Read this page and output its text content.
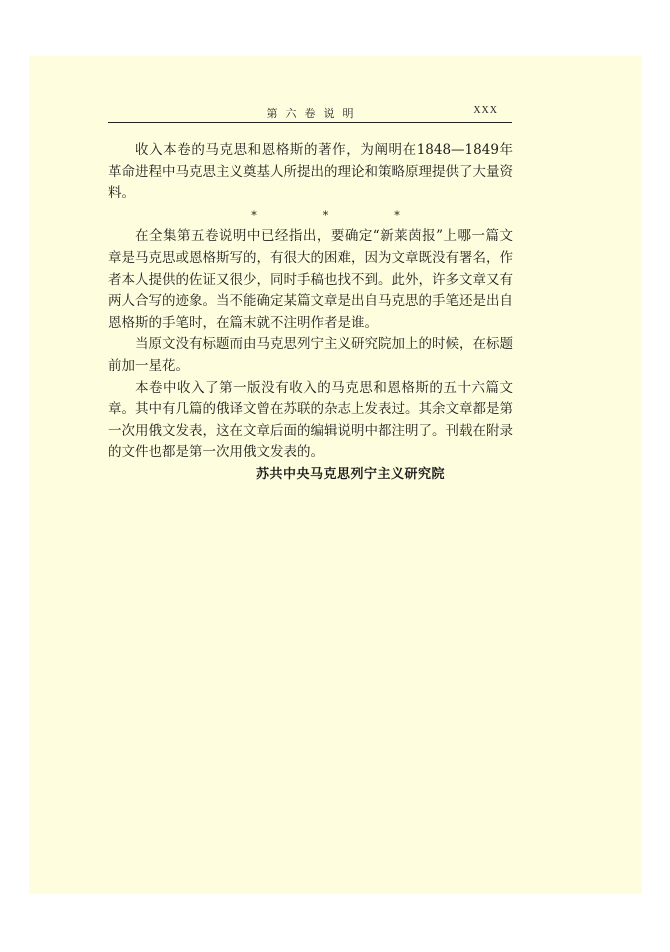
第六卷说明	XXX

收入本卷的马克思和恩格斯的著作，为阐明在1848—1849年革命进程中马克思主义奠基人所提出的理论和策略原理提供了大量资料。

*	*	*

在全集第五卷说明中已经指出，要确定“新莱茵报”上哪一篇文章是马克思或恩格斯写的，有很大的困难，因为文章既没有署名，作者本人提供的佐证又很少，同时手稿也找不到。此外，许多文章又有两人合写的迹象。当不能确定某篇文章是出自马克思的手笔还是出自恩格斯的手笔时，在篇末就不注明作者是谁。

当原文没有标题而由马克思列宁主义研究院加上的时候，在标题前加一星花。

本卷中收入了第一版没有收入的马克思和恩格斯的五十六篇文章。其中有几篇的俄译文曾在苏联的杂志上发表过。其余文章都是第一次用俄文发表，这在文章后面的编辑说明中都注明了。刊载在附录的文件也都是第一次用俄文发表的。

苏共中央马克思列宁主义研究院
